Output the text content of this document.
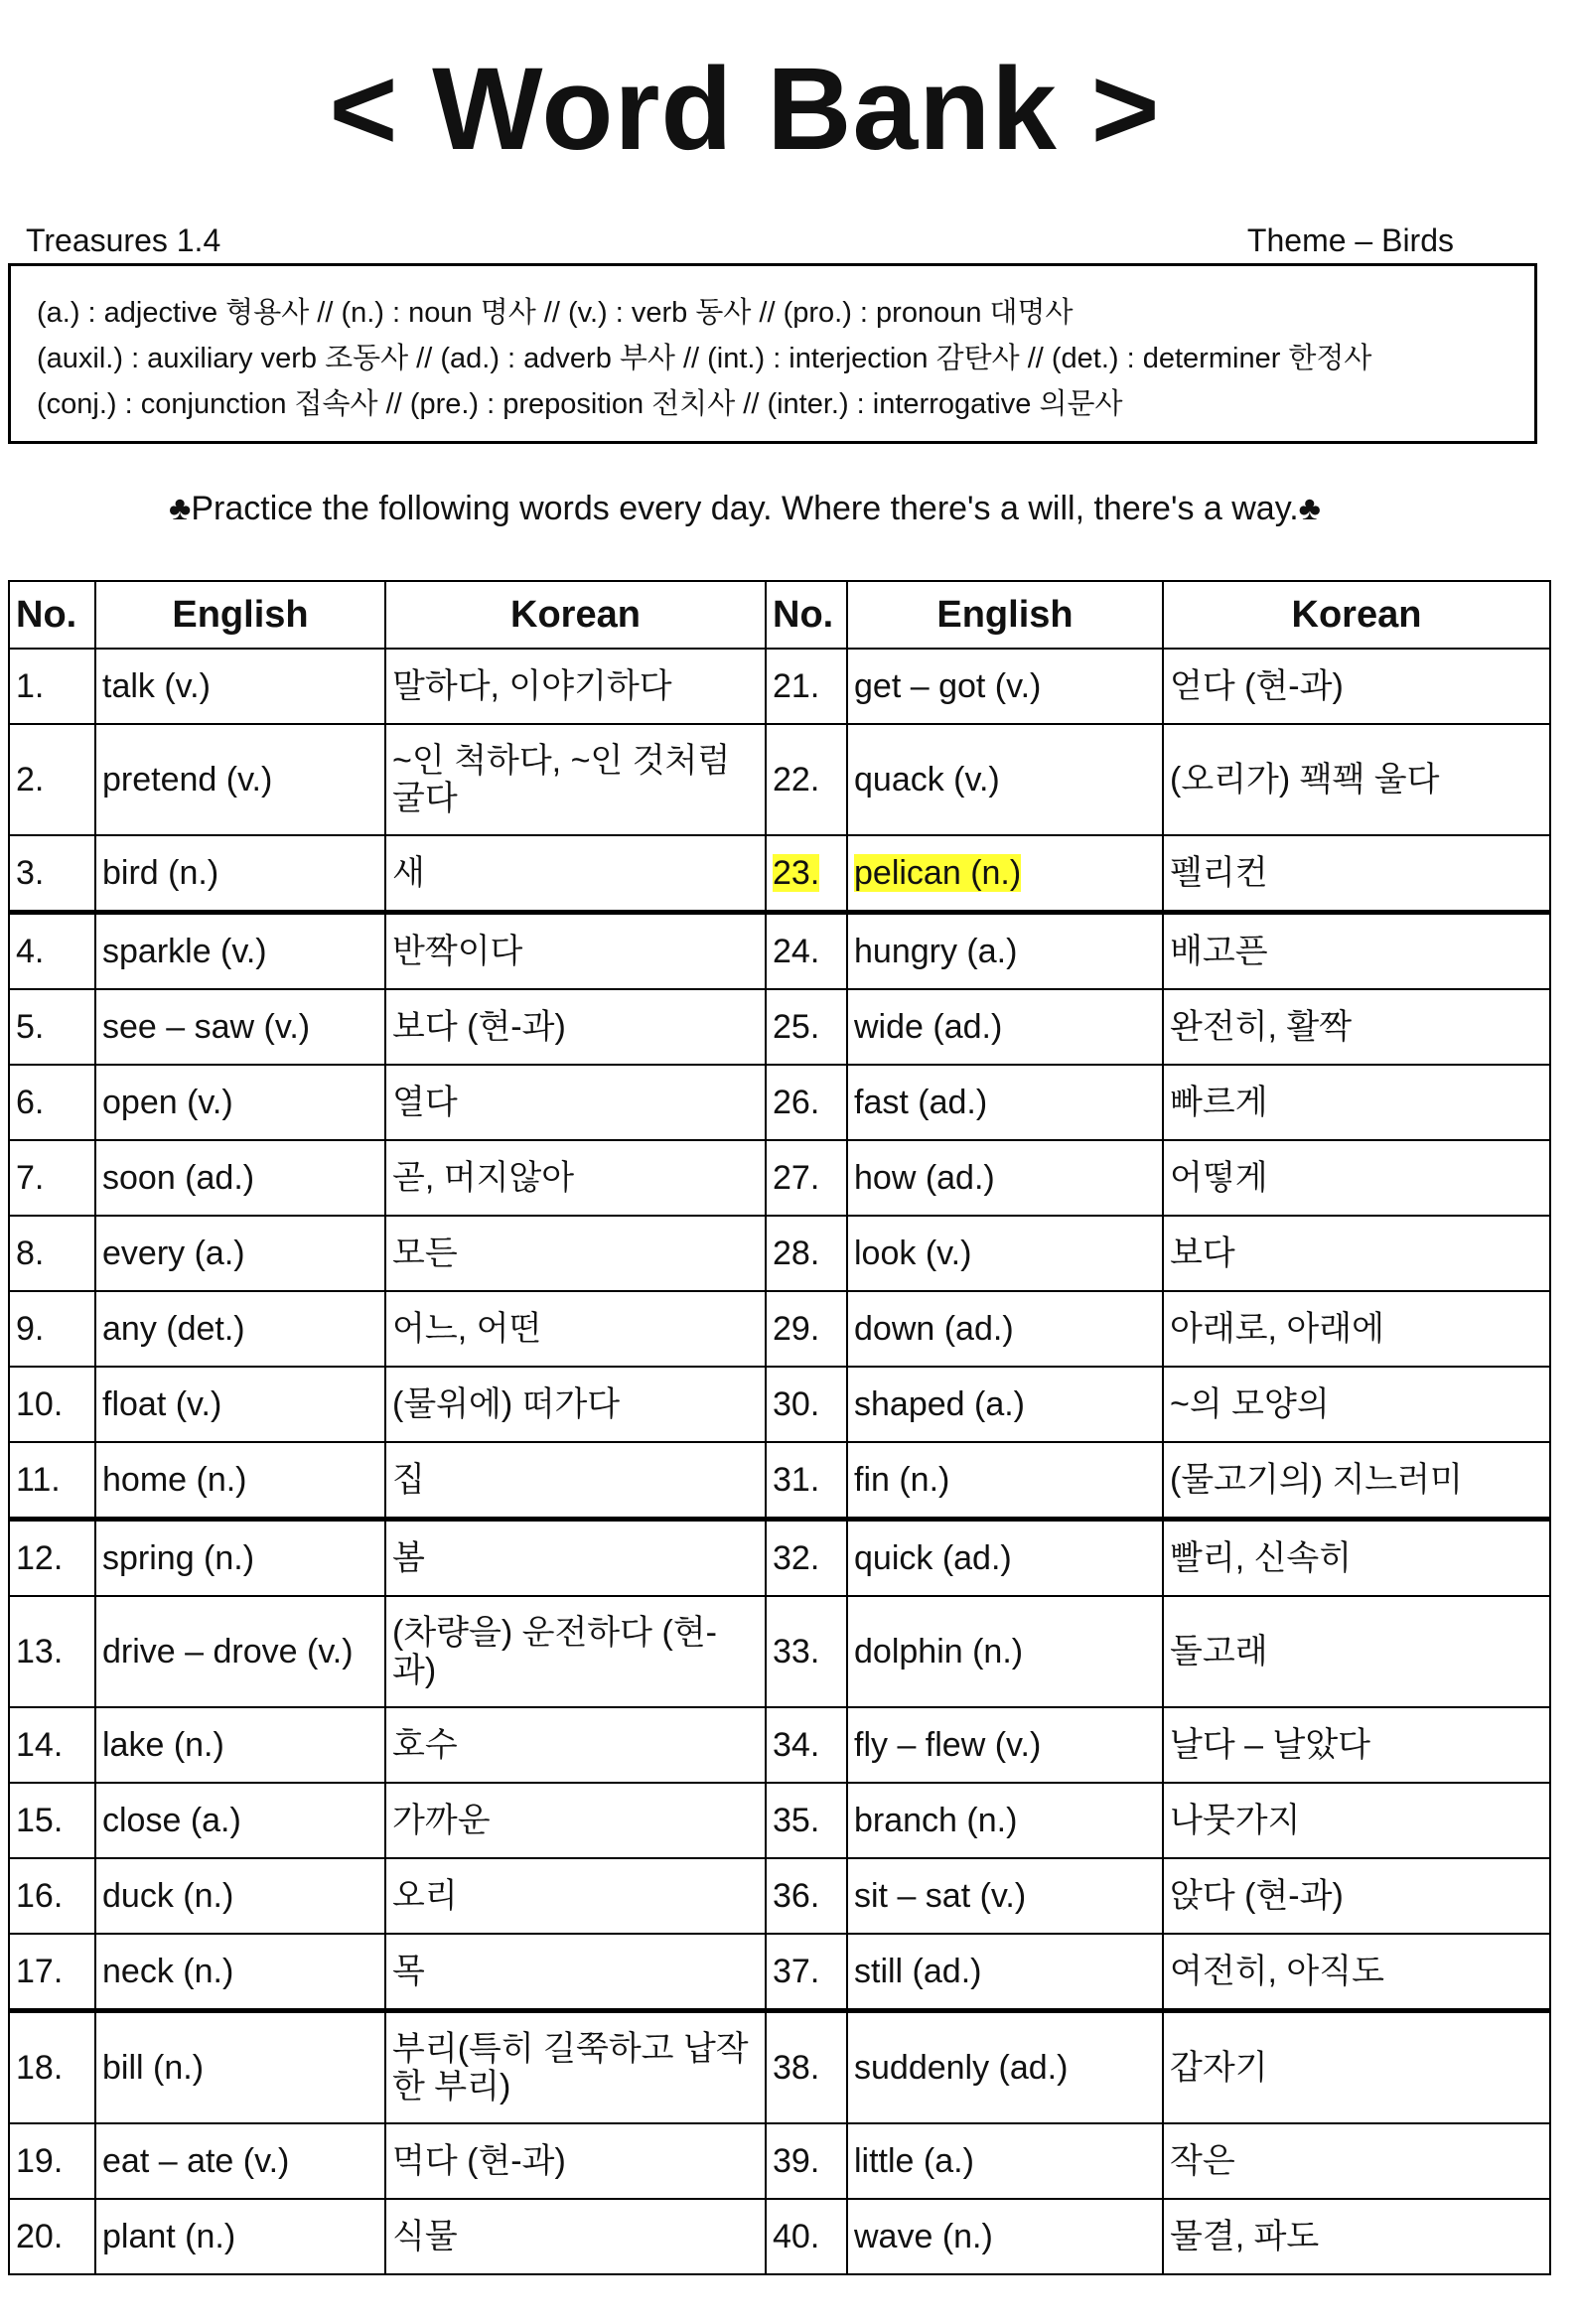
< Word Bank >
Treasures 1.4	Theme – Birds
(a.) : adjective 형용사 // (n.) : noun 명사 // (v.) : verb 동사 // (pro.) : pronoun 대명사
(auxil.) : auxiliary verb 조동사 // (ad.) : adverb 부사 // (int.) : interjection 감탄사 // (det.) : determiner 한정사
(conj.) : conjunction 접속사 // (pre.) : preposition 전치사 // (inter.) : interrogative 의문사
♣Practice the following words every day. Where there's a will, there's a way.♣
No.	English	Korean	No.	English	Korean
1.	talk (v.)	말하다, 이야기하다	21.	get – got (v.)	얻다 (현-과)
2.	pretend (v.)	~인 척하다, ~인 것처럼 굴다	22.	quack (v.)	(오리가) 꽥꽥 울다
3.	bird (n.)	새	23.	pelican (n.)	펠리컨
4.	sparkle (v.)	반짝이다	24.	hungry (a.)	배고픈
5.	see – saw (v.)	보다 (현-과)	25.	wide (ad.)	완전히, 활짝
6.	open (v.)	열다	26.	fast (ad.)	빠르게
7.	soon (ad.)	곧, 머지않아	27.	how (ad.)	어떻게
8.	every (a.)	모든	28.	look (v.)	보다
9.	any (det.)	어느, 어떤	29.	down (ad.)	아래로, 아래에
10.	float (v.)	(물위에) 떠가다	30.	shaped (a.)	~의 모양의
11.	home (n.)	집	31.	fin (n.)	(물고기의) 지느러미
12.	spring (n.)	봄	32.	quick (ad.)	빨리, 신속히
13.	drive – drove (v.)	(차량을) 운전하다 (현-과)	33.	dolphin (n.)	돌고래
14.	lake (n.)	호수	34.	fly – flew (v.)	날다 – 날았다
15.	close (a.)	가까운	35.	branch (n.)	나뭇가지
16.	duck (n.)	오리	36.	sit – sat (v.)	앉다 (현-과)
17.	neck (n.)	목	37.	still (ad.)	여전히, 아직도
18.	bill (n.)	부리(특히 길쭉하고 납작한 부리)	38.	suddenly (ad.)	갑자기
19.	eat – ate (v.)	먹다 (현-과)	39.	little (a.)	작은
20.	plant (n.)	식물	40.	wave (n.)	물결, 파도
